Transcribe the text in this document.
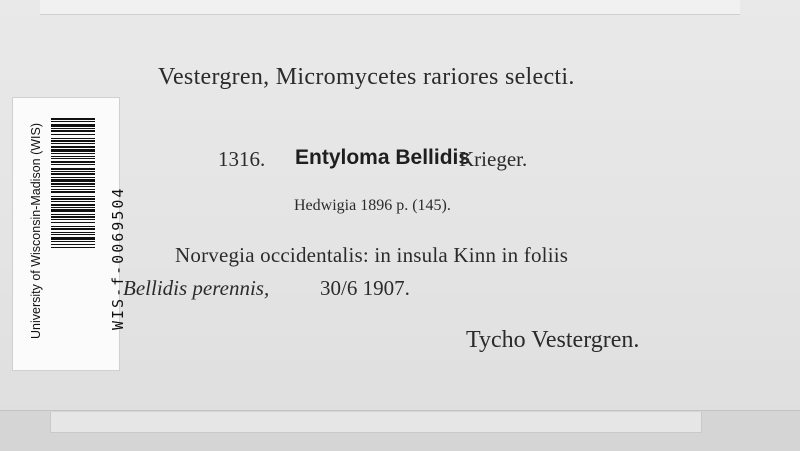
Vestergren, Micromycetes rariores selecti.
1316. Entyloma Bellidis
Krieger.
Hedwigia 1896 p. (145).
Norvegia occidentalis: in insula Kinn in foliis
Bellidis perennis, 30/6 1907.
Tycho Vestergren.
University of Wisconsin-Madison (WIS)	WIS-f-0069504
